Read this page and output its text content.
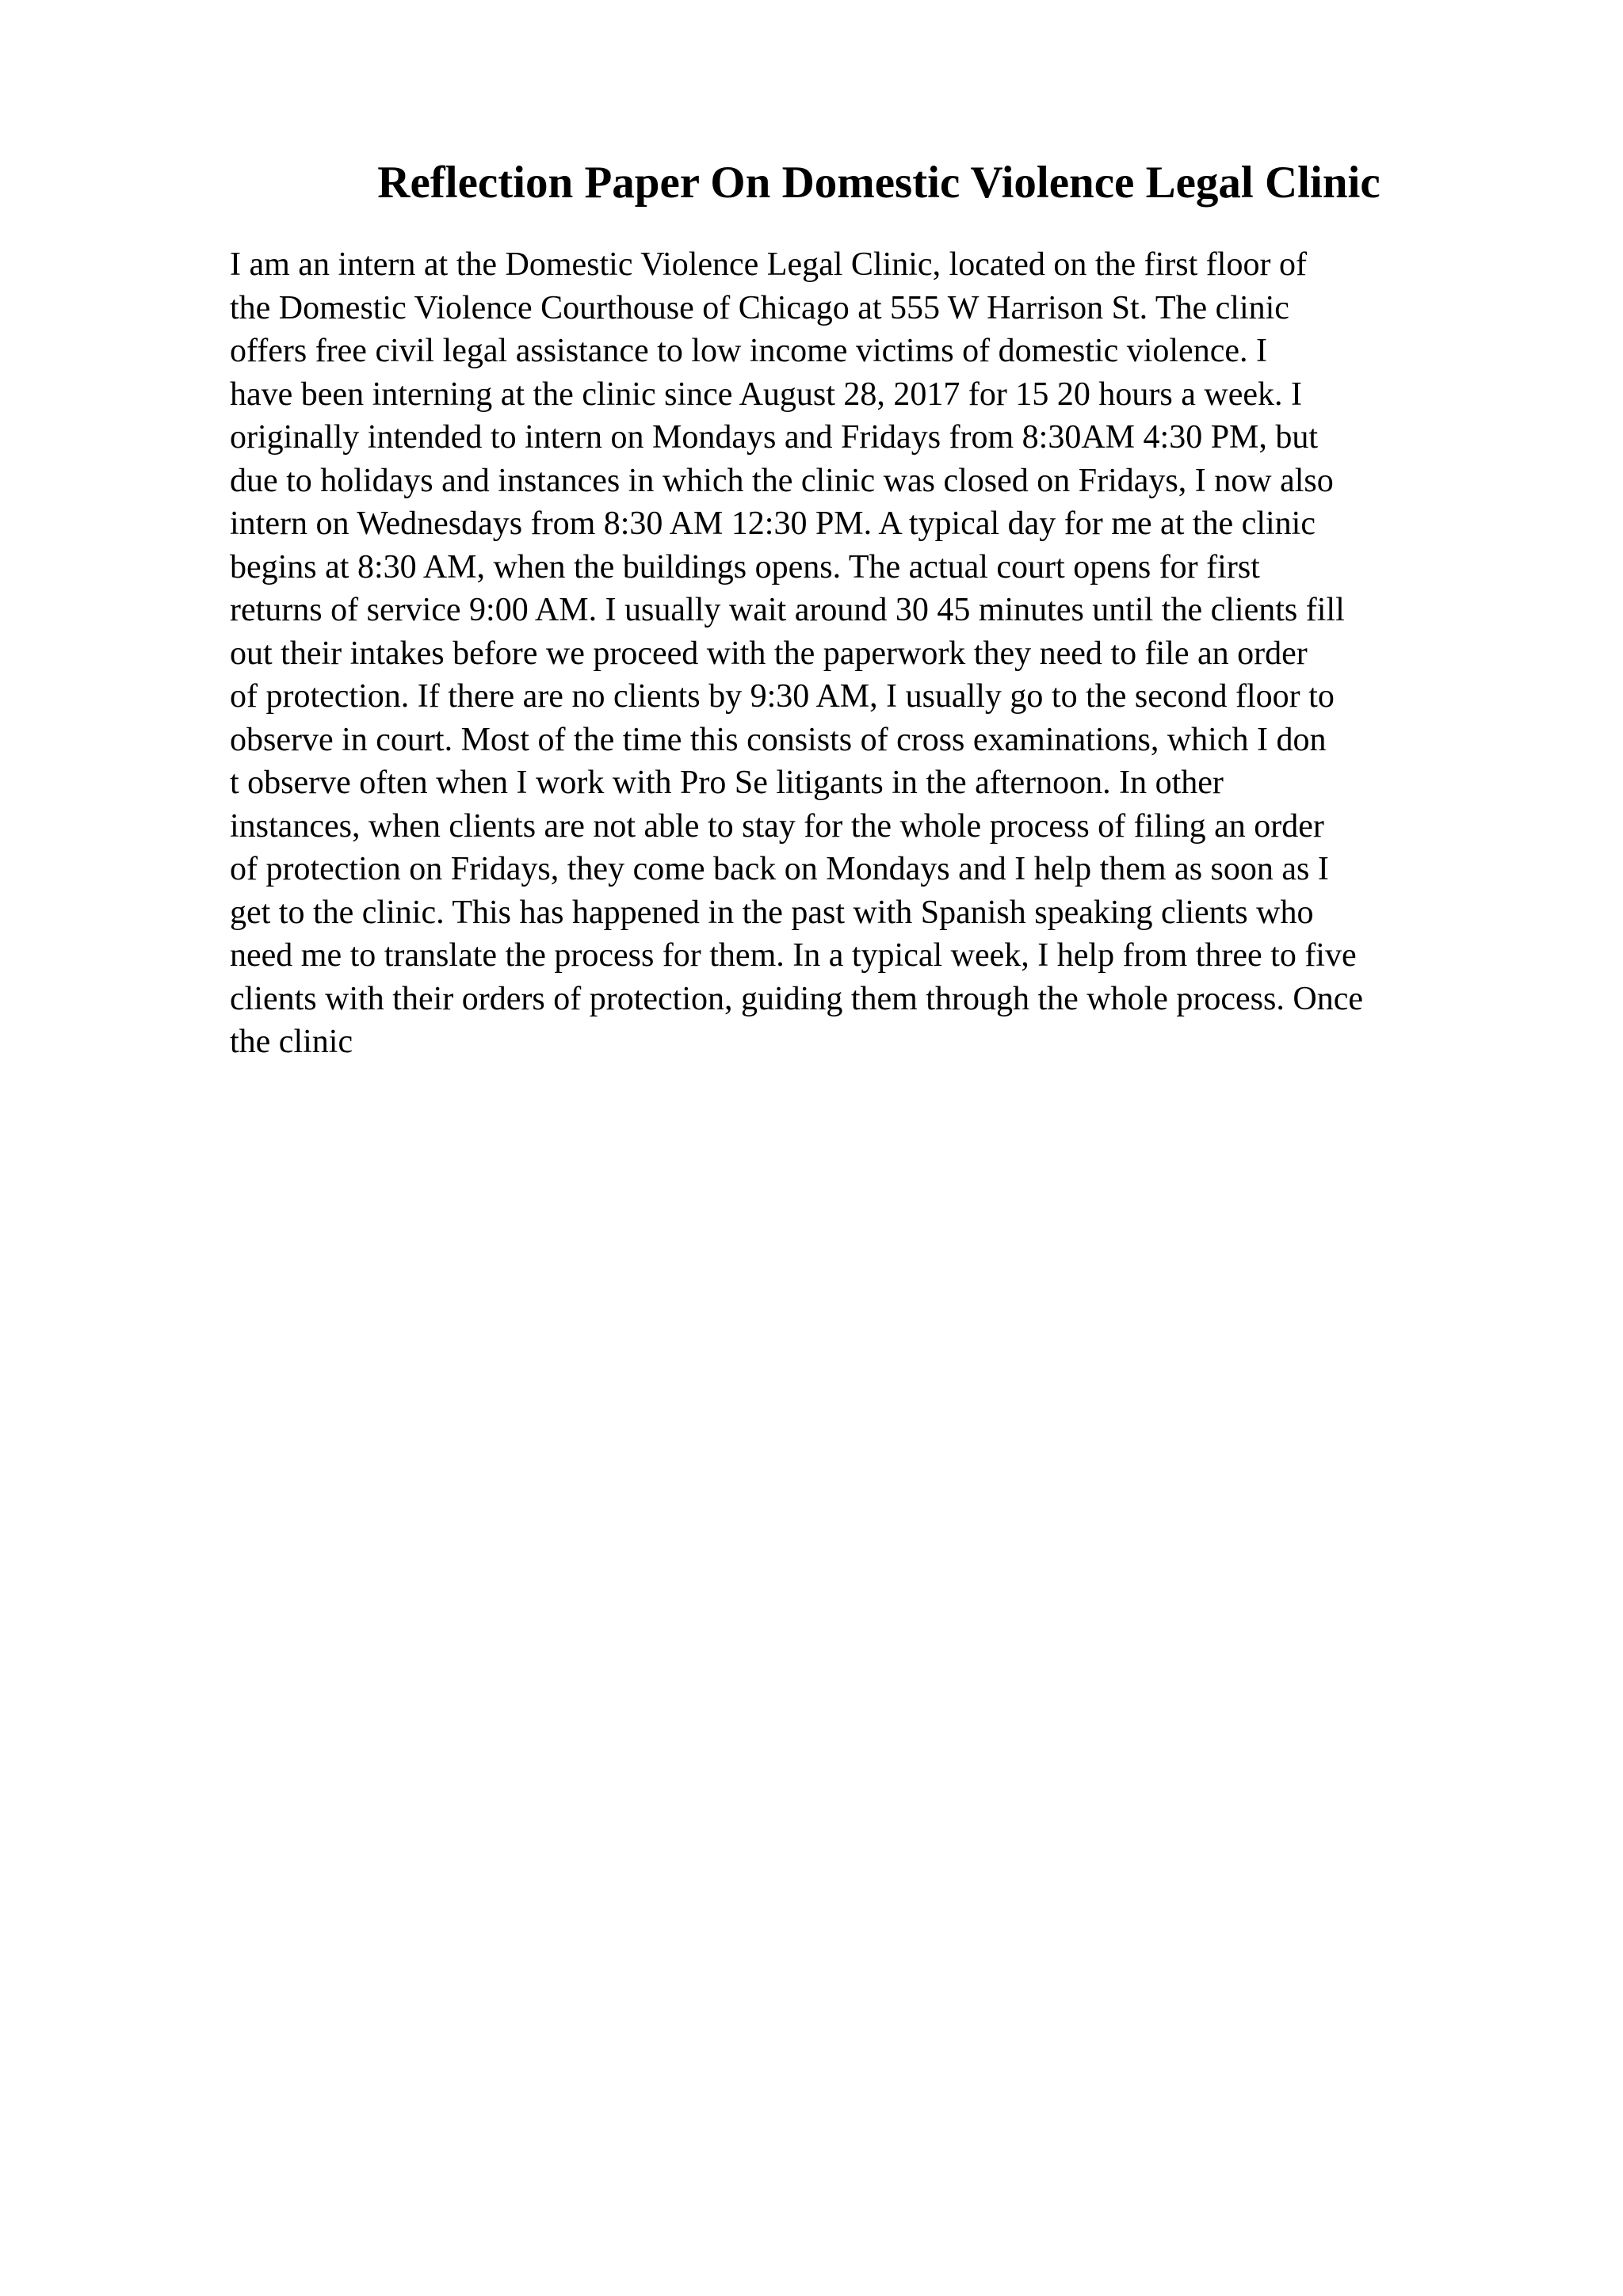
Reflection Paper On Domestic Violence Legal Clinic
I am an intern at the Domestic Violence Legal Clinic, located on the first floor of
the Domestic Violence Courthouse of Chicago at 555 W Harrison St. The clinic
offers free civil legal assistance to low income victims of domestic violence. I
have been interning at the clinic since August 28, 2017 for 15 20 hours a week. I
originally intended to intern on Mondays and Fridays from 8:30AM 4:30 PM, but
due to holidays and instances in which the clinic was closed on Fridays, I now also
intern on Wednesdays from 8:30 AM 12:30 PM. A typical day for me at the clinic
begins at 8:30 AM, when the buildings opens. The actual court opens for first
returns of service 9:00 AM. I usually wait around 30 45 minutes until the clients fill
out their intakes before we proceed with the paperwork they need to file an order
of protection. If there are no clients by 9:30 AM, I usually go to the second floor to
observe in court. Most of the time this consists of cross examinations, which I don
t observe often when I work with Pro Se litigants in the afternoon. In other
instances, when clients are not able to stay for the whole process of filing an order
of protection on Fridays, they come back on Mondays and I help them as soon as I
get to the clinic. This has happened in the past with Spanish speaking clients who
need me to translate the process for them. In a typical week, I help from three to five
clients with their orders of protection, guiding them through the whole process. Once
the clinic
